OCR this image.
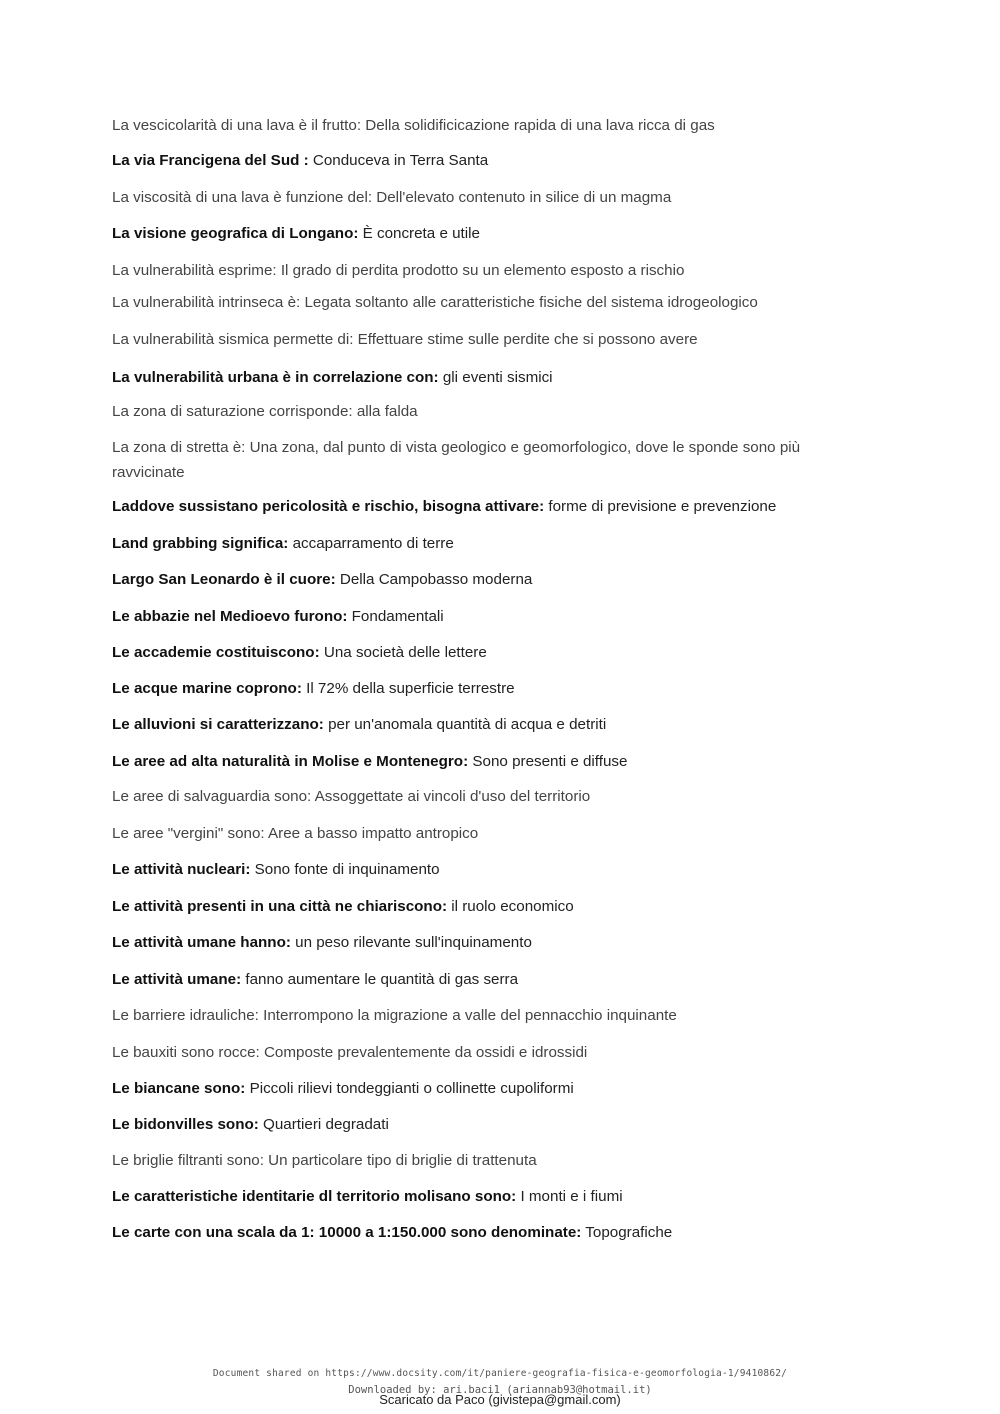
La vescicolarità di una lava è il frutto: Della solidificicazione rapida di una lava ricca di gas
La via Francigena del Sud : Conduceva in Terra Santa
La viscosità di una lava è funzione del: Dell'elevato contenuto in silice di un magma
La visione geografica di Longano: È concreta e utile
La vulnerabilità esprime: Il grado di perdita prodotto su un elemento esposto a rischio
La vulnerabilità intrinseca è: Legata soltanto alle caratteristiche fisiche del sistema idrogeologico
La vulnerabilità sismica permette di: Effettuare stime sulle perdite che si possono avere
La vulnerabilità urbana è in correlazione con: gli eventi sismici
La zona di saturazione corrisponde: alla falda
La zona di stretta è: Una zona, dal punto di vista geologico e geomorfologico, dove le sponde sono più ravvicinate
Laddove sussistano pericolosità e rischio, bisogna attivare: forme di previsione e prevenzione
Land grabbing significa: accaparramento di terre
Largo San Leonardo è il cuore: Della Campobasso moderna
Le abbazie nel Medioevo furono: Fondamentali
Le accademie costituiscono: Una società delle lettere
Le acque marine coprono: Il 72% della superficie terrestre
Le alluvioni si caratterizzano: per un'anomala quantità di acqua e detriti
Le aree ad alta naturalità in Molise e Montenegro: Sono presenti e diffuse
Le aree di salvaguardia sono: Assoggettate ai vincoli d'uso del territorio
Le aree "vergini" sono: Aree a basso impatto antropico
Le attività nucleari: Sono fonte di inquinamento
Le attività presenti in una città ne chiariscono: il ruolo economico
Le attività umane hanno: un peso rilevante sull'inquinamento
Le attività umane: fanno aumentare le quantità di gas serra
Le barriere idrauliche: Interrompono la migrazione a valle del pennacchio inquinante
Le bauxiti sono rocce: Composte prevalentemente da ossidi e idrossidi
Le biancane sono: Piccoli rilievi tondeggianti o collinette cupoliformi
Le bidonvilles sono: Quartieri degradati
Le briglie filtranti sono: Un particolare tipo di briglie di trattenuta
Le caratteristiche identitarie dl territorio molisano sono: I monti e i fiumi
Le carte con una scala da 1: 10000 a 1:150.000 sono denominate: Topografiche
Document shared on https://www.docsity.com/it/paniere-geografia-fisica-e-geomorfologia-1/9410862/
Downloaded by: ari.baci1 (ariannab93@hotmail.it)
Scaricato da Paco (givistepa@gmail.com)
